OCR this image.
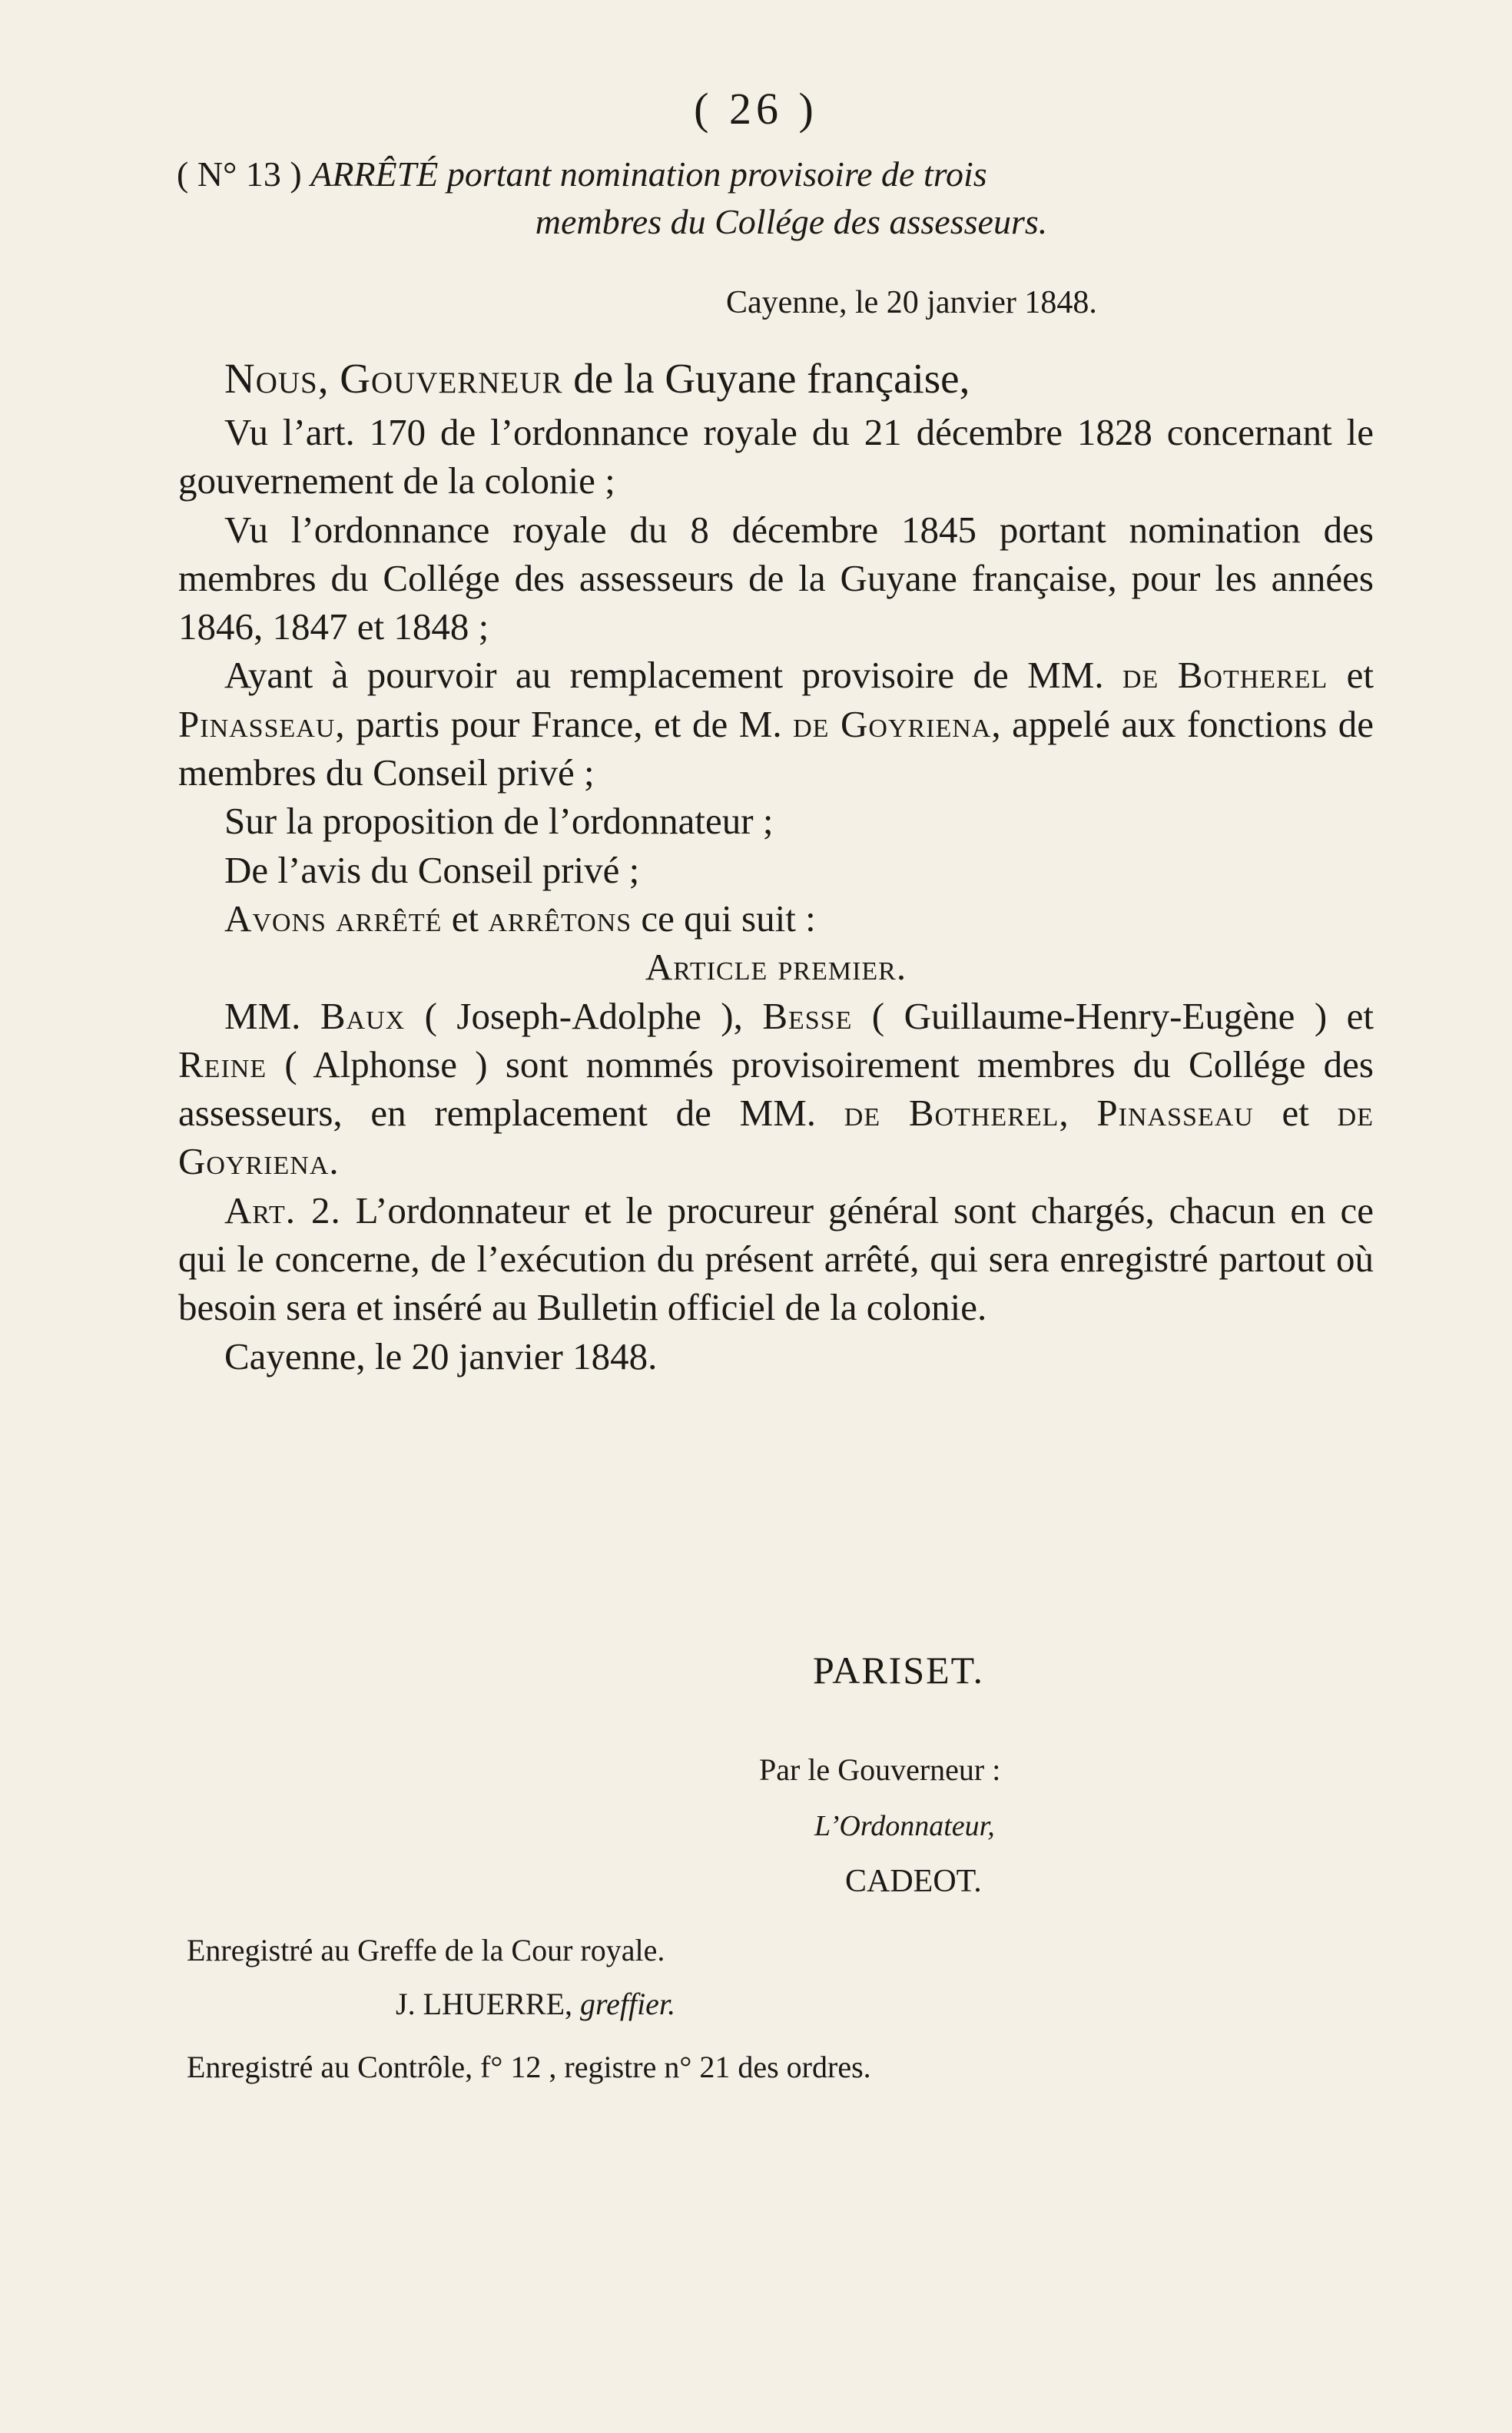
( 26 )
( N° 13 ) ARRÊTÉ portant nomination provisoire de trois
membres du Collége des assesseurs.
Cayenne, le 20 janvier 1848.

Nous, Gouverneur de la Guyane française,

Vu l’art. 170 de l’ordonnance royale du 21 décembre 1828 concernant le gouvernement de la colonie ;

Vu l’ordonnance royale du 8 décembre 1845 portant nomination des membres du Collége des assesseurs de la Guyane française, pour les années 1846, 1847 et 1848 ;

Ayant à pourvoir au remplacement provisoire de MM. de Botherel et Pinasseau, partis pour France, et de M. de Goyriena, appelé aux fonctions de membres du Conseil privé ;

Sur la proposition de l’ordonnateur ;

De l’avis du Conseil privé ;

Avons arrêté et arrêtons ce qui suit :

Article premier.

MM. Baux ( Joseph-Adolphe ), Besse ( Guillaume-Henry-Eugène ) et Reine ( Alphonse ) sont nommés provisoirement membres du Collége des assesseurs, en remplacement de MM. de Botherel, Pinasseau et de Goyriena.

Art. 2. L’ordonnateur et le procureur général sont chargés, chacun en ce qui le concerne, de l’exécution du présent arrêté, qui sera enregistré partout où besoin sera et inséré au Bulletin officiel de la colonie.

Cayenne, le 20 janvier 1848.

PARISET.
Par le Gouverneur :
L’Ordonnateur,
CADEOT.
Enregistré au Greffe de la Cour royale.
J. LHUERRE, greffier.
Enregistré au Contrôle, f° 12 , registre n° 21 des ordres.
